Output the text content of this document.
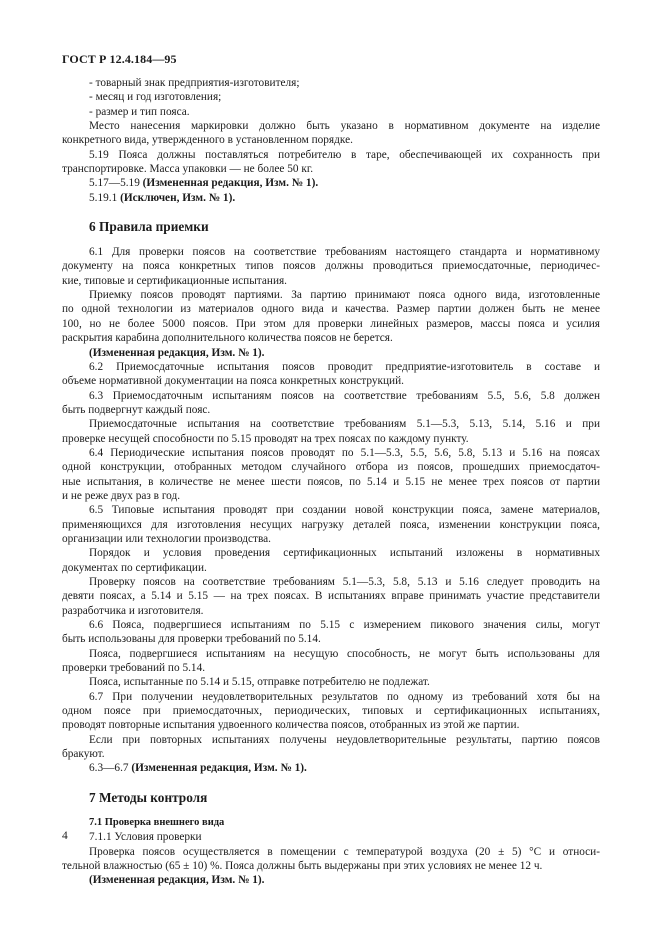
ГОСТ Р 12.4.184—95
- товарный знак предприятия-изготовителя;
- месяц и год изготовления;
- размер и тип пояса.
Место нанесения маркировки должно быть указано в нормативном документе на изделие
конкретного вида, утвержденного в установленном порядке.
5.19 Пояса должны поставляться потребителю в таре, обеспечивающей их сохранность при
транспортировке. Масса упаковки — не более 50 кг.
5.17—5.19 (Измененная редакция, Изм. № 1).
5.19.1 (Исключен, Изм. № 1).
6 Правила приемки
6.1 Для проверки поясов на соответствие требованиям настоящего стандарта и нормативному
документу на пояса конкретных типов поясов должны проводиться приемосдаточные, периодичес-
кие, типовые и сертификационные испытания.
Приемку поясов проводят партиями. За партию принимают пояса одного вида, изготовленные
по одной технологии из материалов одного вида и качества. Размер партии должен быть не менее
100, но не более 5000 поясов. При этом для проверки линейных размеров, массы пояса и усилия
раскрытия карабина дополнительного количества поясов не берется.
(Измененная редакция, Изм. № 1).
6.2 Приемосдаточные испытания поясов проводит предприятие-изготовитель в составе и
объеме нормативной документации на пояса конкретных конструкций.
6.3 Приемосдаточным испытаниям поясов на соответствие требованиям 5.5, 5.6, 5.8 должен
быть подвергнут каждый пояс.
Приемосдаточные испытания на соответствие требованиям 5.1—5.3, 5.13, 5.14, 5.16 и при
проверке несущей способности по 5.15 проводят на трех поясах по каждому пункту.
6.4 Периодические испытания поясов проводят по 5.1—5.3, 5.5, 5.6, 5.8, 5.13 и 5.16 на поясах
одной конструкции, отобранных методом случайного отбора из поясов, прошедших приемосдаточ-
ные испытания, в количестве не менее шести поясов, по 5.14 и 5.15 не менее трех поясов от партии
и не реже двух раз в год.
6.5 Типовые испытания проводят при создании новой конструкции пояса, замене материалов,
применяющихся для изготовления несущих нагрузку деталей пояса, изменении конструкции пояса,
организации или технологии производства.
Порядок и условия проведения сертификационных испытаний изложены в нормативных
документах по сертификации.
Проверку поясов на соответствие требованиям 5.1—5.3, 5.8, 5.13 и 5.16 следует проводить на
девяти поясах, а 5.14 и 5.15 — на трех поясах. В испытаниях вправе принимать участие представители
разработчика и изготовителя.
6.6 Пояса, подвергшиеся испытаниям по 5.15 с измерением пикового значения силы, могут
быть использованы для проверки требований по 5.14.
Пояса, подвергшиеся испытаниям на несущую способность, не могут быть использованы для
проверки требований по 5.14.
Пояса, испытанные по 5.14 и 5.15, отправке потребителю не подлежат.
6.7 При получении неудовлетворительных результатов по одному из требований хотя бы на
одном поясе при приемосдаточных, периодических, типовых и сертификационных испытаниях,
проводят повторные испытания удвоенного количества поясов, отобранных из этой же партии.
Если при повторных испытаниях получены неудовлетворительные результаты, партию поясов
бракуют.
6.3—6.7 (Измененная редакция, Изм. № 1).
7 Методы контроля
7.1 Проверка внешнего вида
7.1.1 Условия проверки
Проверка поясов осуществляется в помещении с температурой воздуха (20 ± 5) °С и относи-
тельной влажностью (65 ± 10) %. Пояса должны быть выдержаны при этих условиях не менее 12 ч.
(Измененная редакция, Изм. № 1).
4
